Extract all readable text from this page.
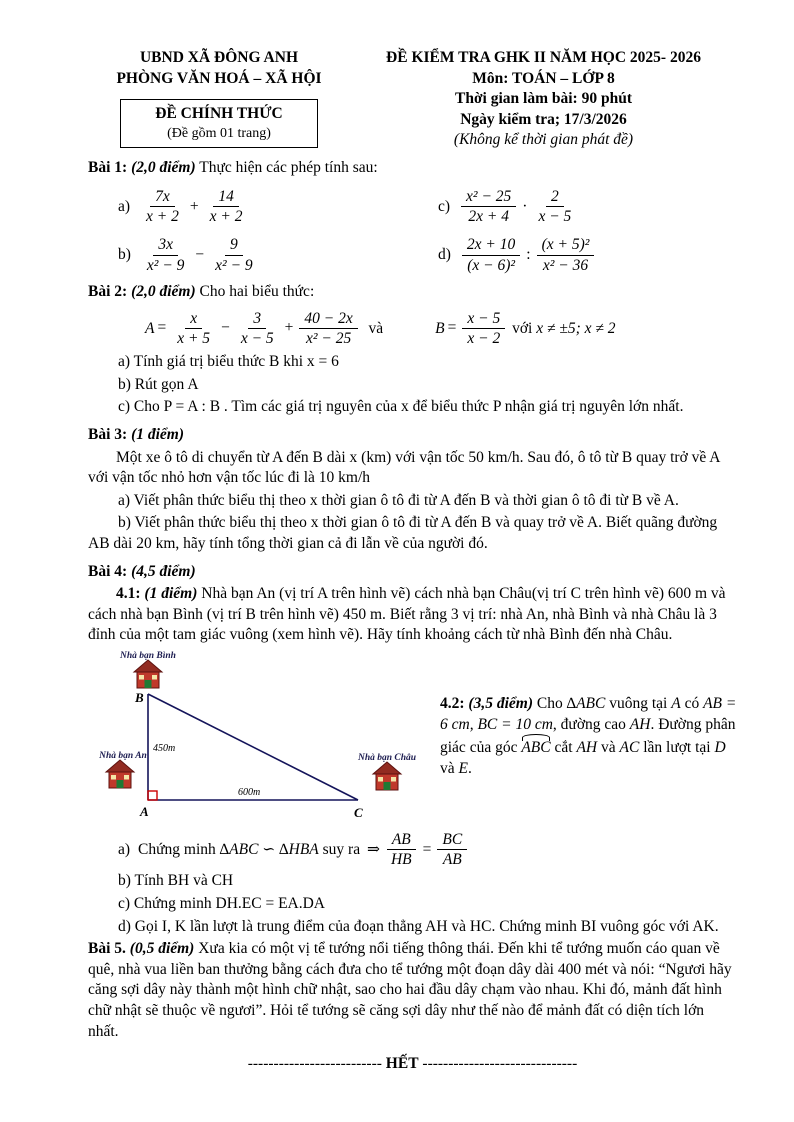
UBND XÃ ĐÔNG ANH
PHÒNG VĂN HOÁ – XÃ HỘI
ĐỀ CHÍNH THỨC
(Đề gồm 01 trang)
ĐỀ KIỂM TRA GHK II NĂM HỌC 2025- 2026
Môn: TOÁN – LỚP 8
Thời gian làm bài: 90 phút
Ngày kiểm tra; 17/3/2026
(Không kể thời gian phát đề)

Bài 1: (2,0 điểm) Thực hiện các phép tính sau:

$a) \frac{7x}{x + 2} + \frac{14}{x + 2}$	$c) \frac{\text{x² − 25}}{2x + 4} \cdot \frac{2}{x - 5}$
$b) \frac{3x}{\text{x² − 9}} - \frac{9}{\text{x² − 9}}$	$d) \frac{2x + 10}{\text{(x − 6)²}}$ : $\frac{\text{(x + 5)²}}{\text{x² − 36}}$

Bài 2: (2,0 điểm) Cho hai biểu thức:

$A = \frac{x}{x + 5} - \frac{3}{x - 5} + \frac{40 - 2x}{\text{x² − 25}}$ và	$B = \frac{x - 5}{x - 2}$ với x ≠ ±5; x ≠ 2
a) Tính giá trị biểu thức B khi x = 6
b) Rút gọn A
c) Cho P = A : B . Tìm các giá trị nguyên của x để biểu thức P nhận giá trị nguyên lớn nhất.

Bài 3: (1 điểm)

Một xe ô tô di chuyển từ A đến B dài x (km) với vận tốc 50 km/h. Sau đó, ô tô từ B quay trở về A với vận tốc nhỏ hơn vận tốc lúc đi là 10 km/h

a) Viết phân thức biểu thị theo x thời gian ô tô đi từ A đến B và thời gian ô tô đi từ B về A.
b) Viết phân thức biểu thị theo x thời gian ô tô đi từ A đến B và quay trở về A. Biết quãng đường AB dài 20 km, hãy tính tổng thời gian cả đi lẫn về của người đó.

Bài 4: (4,5 điểm)

4.1: (1 điểm) Nhà bạn An (vị trí A trên hình vẽ) cách nhà bạn Châu(vị trí C trên hình vẽ) 600 m và cách nhà bạn Bình (vị trí B trên hình vẽ) 450 m. Biết rằng 3 vị trí: nhà An, nhà Bình và nhà Châu là 3 đỉnh của một tam giác vuông (xem hình vẽ). Hãy tính khoảng cách từ nhà Bình đến nhà Châu.

Nhà bạn Bình
Nhà bạn An	Nhà bạn Châu
B
A	C
450m
600m
4.2: (3,5 điểm) Cho ∆ABC vuông tại A có AB = 6 cm, BC = 10 cm, đường cao AH. Đường phân giác của góc ABC cắt AH và AC lần lượt tại D và E.
a) Chứng minh ∆ABC ∽ ∆HBA suy ra ⇒ $\frac{AB}{HB} = \frac{BC}{AB}$
b) Tính BH và CH
c) Chứng minh DH.EC = EA.DA
d) Gọi I, K lần lượt là trung điểm của đoạn thẳng AH và HC. Chứng minh BI vuông góc với AK.

Bài 5. (0,5 điểm) Xưa kia có một vị tể tướng nổi tiếng thông thái. Đến khi tể tướng muốn cáo quan về quê, nhà vua liền ban thưởng bằng cách đưa cho tể tướng một đoạn dây dài 400 mét và nói: “Ngươi hãy căng sợi dây này thành một hình chữ nhật, sao cho hai đầu dây chạm vào nhau. Khi đó, mảnh đất hình chữ nhật sẽ thuộc về ngươi”. Hỏi tể tướng sẽ căng sợi dây như thế nào để mảnh đất có diện tích lớn nhất.

-------------------------- HẾT ------------------------------
